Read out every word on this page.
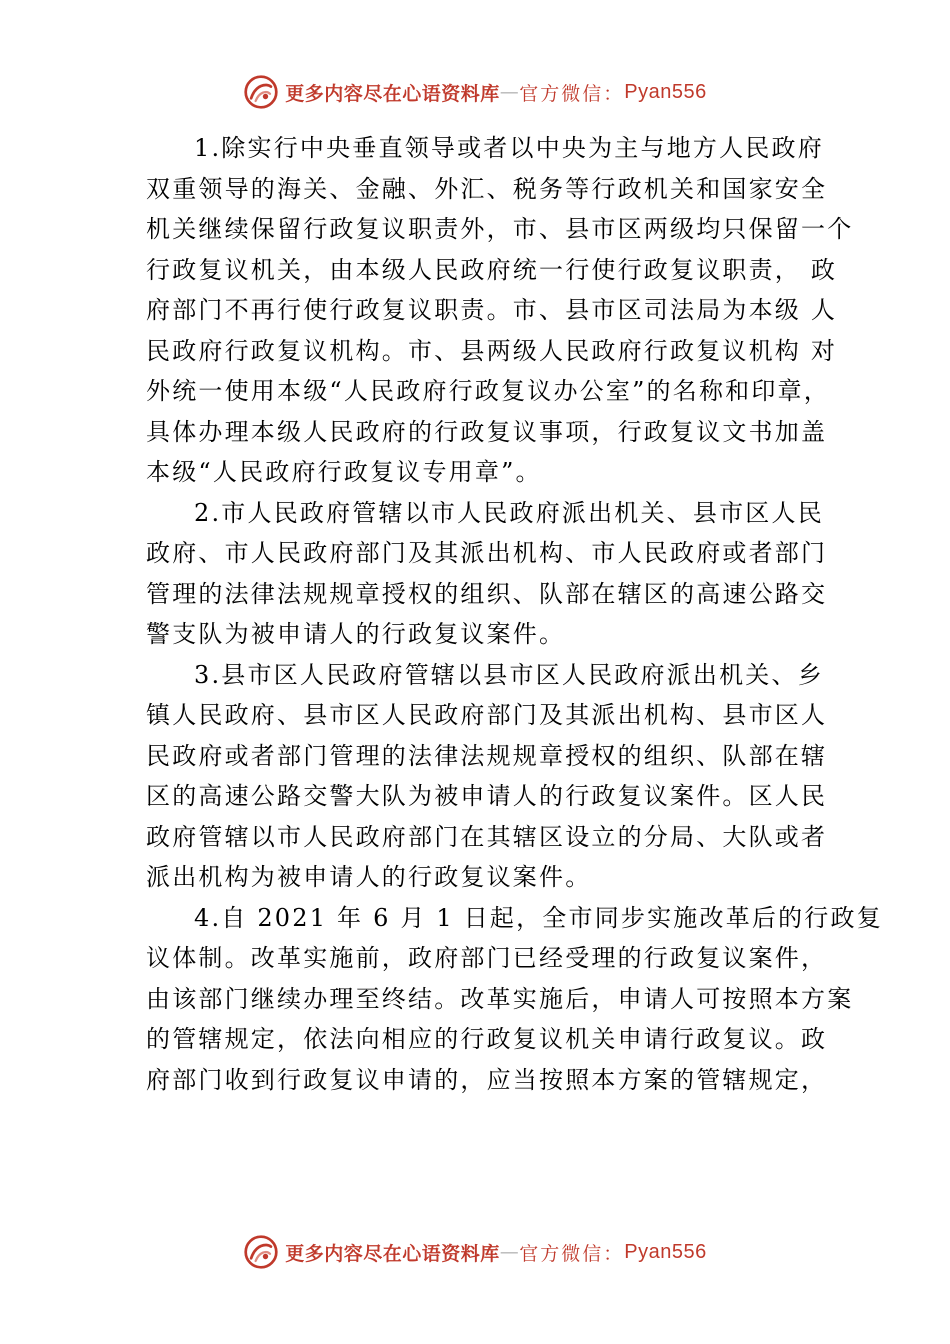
更多内容尽在心语资料库 — 官方微信： Pyan556
1.除实行中央垂直领导或者以中央为主与地方人民政府
双重领导的海关、金融、外汇、税务等行政机关和国家安全
机关继续保留行政复议职责外，市、县市区两级均只保留一个
行政复议机关，由本级人民政府统一行使行政复议职责， 政
府部门不再行使行政复议职责。市、县市区司法局为本级 人
民政府行政复议机构。市、县两级人民政府行政复议机构 对
外统一使用本级“人民政府行政复议办公室”的名称和印章，
具体办理本级人民政府的行政复议事项，行政复议文书加盖
本级“人民政府行政复议专用章”。
2.市人民政府管辖以市人民政府派出机关、县市区人民
政府、市人民政府部门及其派出机构、市人民政府或者部门
管理的法律法规规章授权的组织、队部在辖区的高速公路交
警支队为被申请人的行政复议案件。
3.县市区人民政府管辖以县市区人民政府派出机关、乡
镇人民政府、县市区人民政府部门及其派出机构、县市区人
民政府或者部门管理的法律法规规章授权的组织、队部在辖
区的高速公路交警大队为被申请人的行政复议案件。区人民
政府管辖以市人民政府部门在其辖区设立的分局、大队或者
派出机构为被申请人的行政复议案件。
4.自 2021 年 6 月 1 日起，全市同步实施改革后的行政复
议体制。改革实施前，政府部门已经受理的行政复议案件，
由该部门继续办理至终结。改革实施后，申请人可按照本方案
的管辖规定，依法向相应的行政复议机关申请行政复议。政
府部门收到行政复议申请的，应当按照本方案的管辖规定，
更多内容尽在心语资料库 — 官方微信： Pyan556
